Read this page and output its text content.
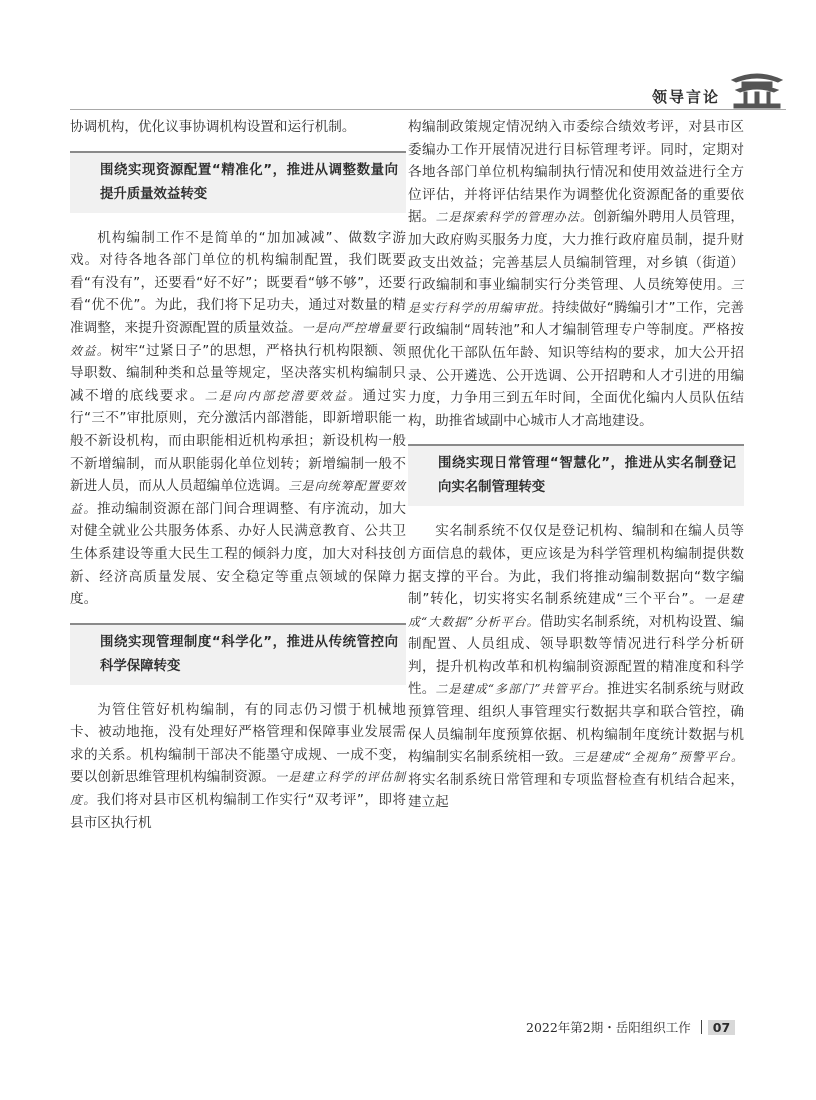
领导言论

协调机构，优化议事协调机构设置和运行机制。

围绕实现资源配置“精准化”，推进从调整数量向提升质量效益转变

机构编制工作不是简单的“加加减减”、做数字游戏。对待各地各部门单位的机构编制配置，我们既要看“有没有”，还要看“好不好”；既要看“够不够”，还要看“优不优”。为此，我们将下足功夫，通过对数量的精准调整，来提升资源配置的质量效益。一是向严控增量要效益。树牢“过紧日子”的思想，严格执行机构限额、领导职数、编制种类和总量等规定，坚决落实机构编制只减不增的底线要求。二是向内部挖潜要效益。通过实行“三不”审批原则，充分激活内部潜能，即新增职能一般不新设机构，而由职能相近机构承担；新设机构一般不新增编制，而从职能弱化单位划转；新增编制一般不新进人员，而从人员超编单位选调。三是向统筹配置要效益。推动编制资源在部门间合理调整、有序流动，加大对健全就业公共服务体系、办好人民满意教育、公共卫生体系建设等重大民生工程的倾斜力度，加大对科技创新、经济高质量发展、安全稳定等重点领域的保障力度。

围绕实现管理制度“科学化”，推进从传统管控向科学保障转变

为管住管好机构编制，有的同志仍习惯于机械地卡、被动地拖，没有处理好严格管理和保障事业发展需求的关系。机构编制干部决不能墨守成规、一成不变，要以创新思维管理机构编制资源。一是建立科学的评估制度。我们将对县市区机构编制工作实行“双考评”，即将县市区执行机

构编制政策规定情况纳入市委综合绩效考评，对县市区委编办工作开展情况进行目标管理考评。同时，定期对各地各部门单位机构编制执行情况和使用效益进行全方位评估，并将评估结果作为调整优化资源配备的重要依据。二是探索科学的管理办法。创新编外聘用人员管理，加大政府购买服务力度，大力推行政府雇员制，提升财政支出效益；完善基层人员编制管理，对乡镇（街道）行政编制和事业编制实行分类管理、人员统筹使用。三是实行科学的用编审批。持续做好“腾编引才”工作，完善行政编制“周转池”和人才编制管理专户等制度。严格按照优化干部队伍年龄、知识等结构的要求，加大公开招录、公开遴选、公开选调、公开招聘和人才引进的用编力度，力争用三到五年时间，全面优化编内人员队伍结构，助推省域副中心城市人才高地建设。

围绕实现日常管理“智慧化”，推进从实名制登记向实名制管理转变

实名制系统不仅仅是登记机构、编制和在编人员等方面信息的载体，更应该是为科学管理机构编制提供数据支撑的平台。为此，我们将推动编制数据向“数字编制”转化，切实将实名制系统建成“三个平台”。一是建成“大数据”分析平台。借助实名制系统，对机构设置、编制配置、人员组成、领导职数等情况进行科学分析研判，提升机构改革和机构编制资源配置的精准度和科学性。二是建成“多部门”共管平台。推进实名制系统与财政预算管理、组织人事管理实行数据共享和联合管控，确保人员编制年度预算依据、机构编制年度统计数据与机构编制实名制系统相一致。三是建成“全视角”预警平台。将实名制系统日常管理和专项监督检查有机结合起来，建立起

2022年第2期・岳阳组织工作 07
